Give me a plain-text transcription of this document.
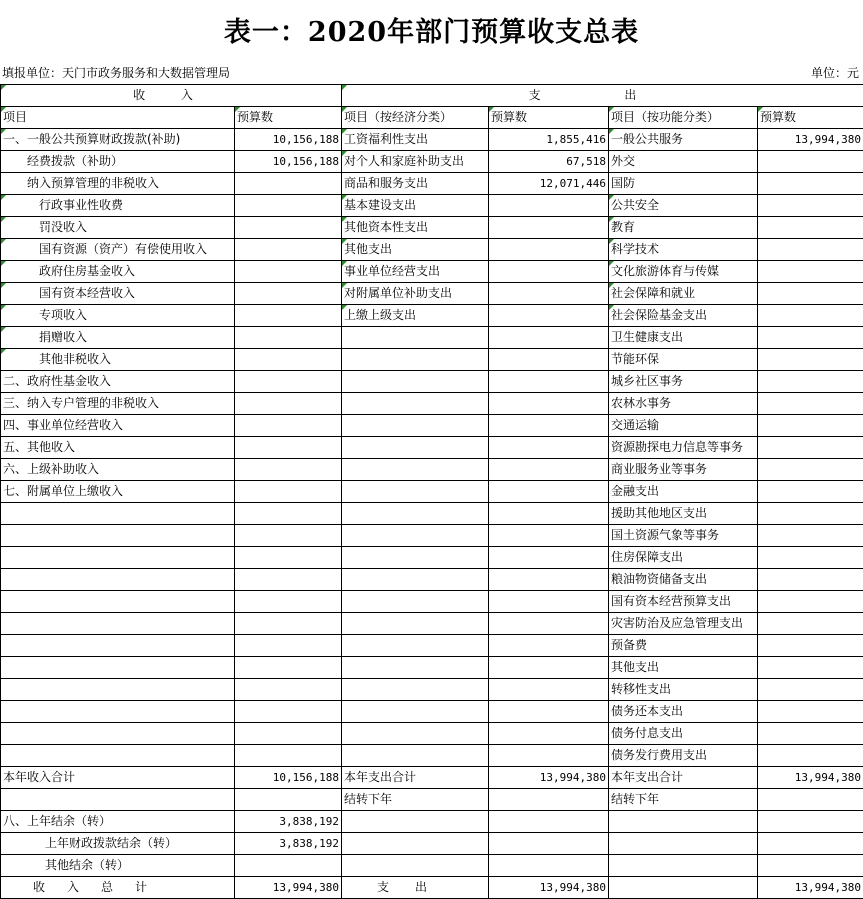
表一：2020年部门预算收支总表
填报单位：天门市政务服务和大数据管理局	单位：元
收 入		支 出			

项目	预算数	项目（按经济分类）	预算数	项目（按功能分类）	预算数

一、一般公共预算财政拨款(补助)	10,156,188	工资福利性支出	1,855,416	一般公共服务	13,994,380
经费拨款（补助）	10,156,188	对个人和家庭补助支出	67,518	外交	
纳入预算管理的非税收入		商品和服务支出	12,071,446	国防	

行政事业性收费		基本建设支出		公共安全	

罚没收入		其他资本性支出		教育	

国有资源（资产）有偿使用收入		其他支出		科学技术	

政府住房基金收入		事业单位经营支出		文化旅游体育与传媒	

国有资本经营收入		对附属单位补助支出		社会保障和就业	

专项收入		上缴上级支出		社会保险基金支出	

捐赠收入				卫生健康支出	

其他非税收入				节能环保	
二、政府性基金收入				城乡社区事务	
三、纳入专户管理的非税收入				农林水事务	
四、事业单位经营收入				交通运输	
五、其他收入				资源勘探电力信息等事务	
六、上级补助收入				商业服务业等事务	
七、附属单位上缴收入				金融支出	
				援助其他地区支出	
				国土资源气象等事务	
				住房保障支出	
				粮油物资储备支出	
				国有资本经营预算支出	
				灾害防治及应急管理支出	
				预备费	
				其他支出	
				转移性支出	
				债务还本支出	
				债务付息支出	
				债务发行费用支出	
本年收入合计	10,156,188	本年支出合计	13,994,380	本年支出合计	13,994,380
		结转下年		结转下年	
八、上年结余（转）	3,838,192				
上年财政拨款结余（转）	3,838,192				
其他结余（转）					
收入总计	13,994,380	支出	13,994,380		13,994,380
